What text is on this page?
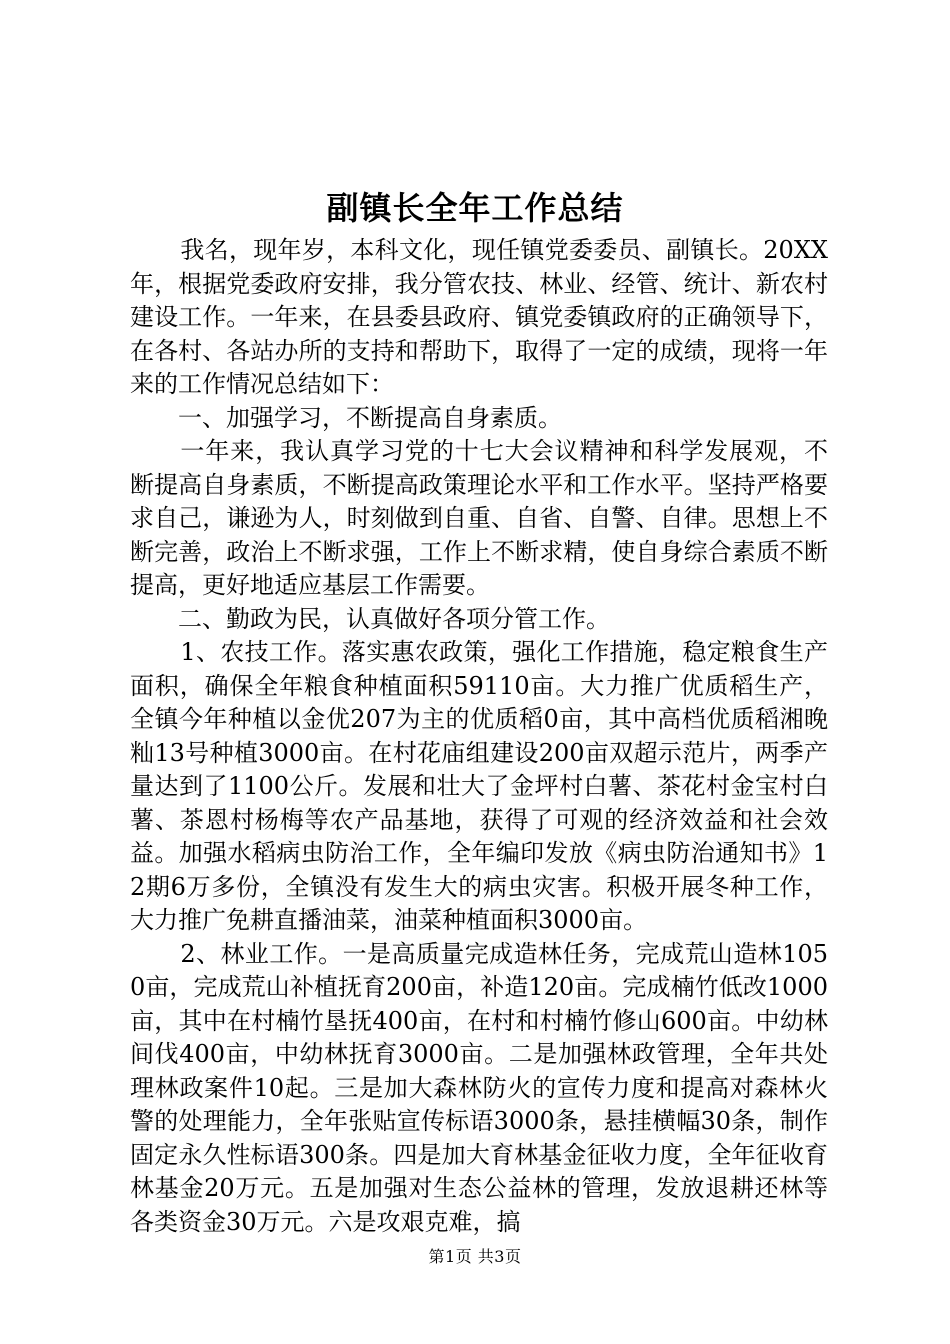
副镇长全年工作总结

我名，现年岁，本科文化，现任镇党委委员、副镇长。20XX年，根据党委政府安排，我分管农技、林业、经管、统计、新农村建设工作。一年来，在县委县政府、镇党委镇政府的正确领导下，在各村、各站办所的支持和帮助下，取得了一定的成绩，现将一年来的工作情况总结如下：

一、加强学习，不断提高自身素质。

一年来，我认真学习党的十七大会议精神和科学发展观，不断提高自身素质，不断提高政策理论水平和工作水平。坚持严格要求自己，谦逊为人，时刻做到自重、自省、自警、自律。思想上不断完善，政治上不断求强，工作上不断求精，使自身综合素质不断提高，更好地适应基层工作需要。

二、勤政为民，认真做好各项分管工作。

1、农技工作。落实惠农政策，强化工作措施，稳定粮食生产面积，确保全年粮食种植面积59110亩。大力推广优质稻生产，全镇今年种植以金优207为主的优质稻0亩，其中高档优质稻湘晚籼13号种植3000亩。在村花庙组建设200亩双超示范片，两季产量达到了1100公斤。发展和壮大了金坪村白薯、茶花村金宝村白薯、茶恩村杨梅等农产品基地，获得了可观的经济效益和社会效益。加强水稻病虫防治工作，全年编印发放《病虫防治通知书》12期6万多份，全镇没有发生大的病虫灾害。积极开展冬种工作，大力推广免耕直播油菜，油菜种植面积3000亩。

2、林业工作。一是高质量完成造林任务，完成荒山造林1050亩，完成荒山补植抚育200亩，补造120亩。完成楠竹低改1000亩，其中在村楠竹垦抚400亩，在村和村楠竹修山600亩。中幼林间伐400亩，中幼林抚育3000亩。二是加强林政管理，全年共处理林政案件10起。三是加大森林防火的宣传力度和提高对森林火警的处理能力，全年张贴宣传标语3000条，悬挂横幅30条，制作固定永久性标语300条。四是加大育林基金征收力度，全年征收育林基金20万元。五是加强对生态公益林的管理，发放退耕还林等各类资金30万元。六是攻艰克难，搞

第1页 共3页
